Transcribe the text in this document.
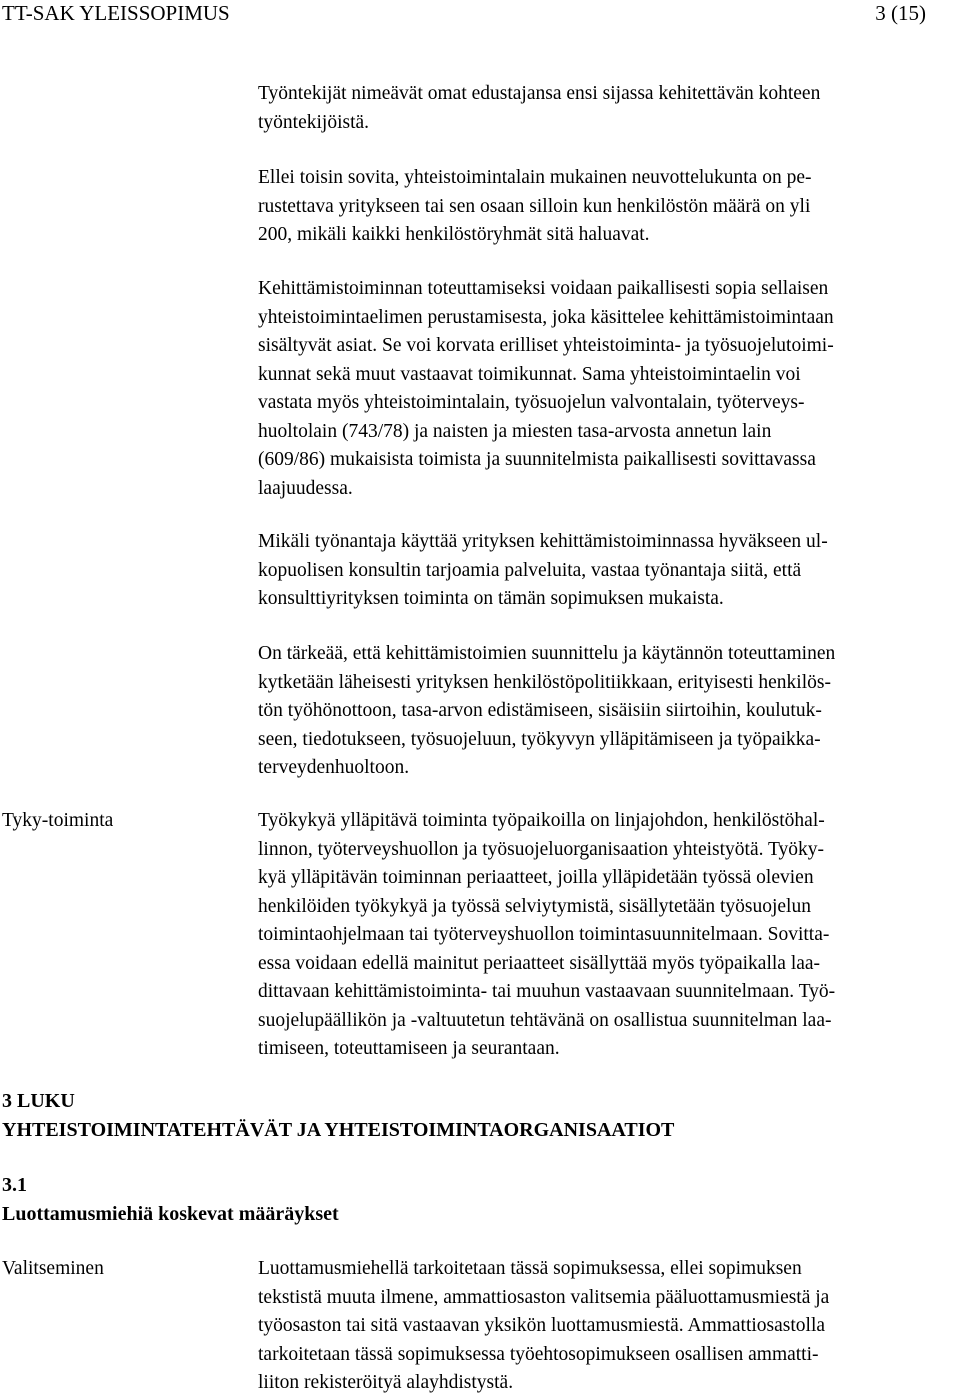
TT-SAK YLEISSOPIMUS	3 (15)
Työntekijät nimeävät omat edustajansa ensi sijassa kehitettävän kohteen
työntekijöistä.
Ellei toisin sovita, yhteistoimintalain mukainen neuvottelukunta on pe-
rustettava yritykseen tai sen osaan silloin kun henkilöstön määrä on yli
200, mikäli kaikki henkilöstöryhmät sitä haluavat.
Kehittämistoiminnan toteuttamiseksi voidaan paikallisesti sopia sellaisen
yhteistoimintaelimen perustamisesta, joka käsittelee kehittämistoimintaan
sisältyvät asiat. Se voi korvata erilliset yhteistoiminta- ja työsuojelutoimi-
kunnat sekä muut vastaavat toimikunnat. Sama yhteistoimintaelin voi
vastata myös yhteistoimintalain, työsuojelun valvontalain, työterveys-
huoltolain (743/78) ja naisten ja miesten tasa-arvosta annetun lain
(609/86) mukaisista toimista ja suunnitelmista paikallisesti sovittavassa
laajuudessa.
Mikäli työnantaja käyttää yrityksen kehittämistoiminnassa hyväkseen ul-
kopuolisen konsultin tarjoamia palveluita, vastaa työnantaja siitä, että
konsulttiyrityksen toiminta on tämän sopimuksen mukaista.
On tärkeää, että kehittämistoimien suunnittelu ja käytännön toteuttaminen
kytketään läheisesti yrityksen henkilöstöpolitiikkaan, erityisesti henkilös-
tön työhönottoon, tasa-arvon edistämiseen, sisäisiin siirtoihin, koulutuk-
seen, tiedotukseen, työsuojeluun, työkyvyn ylläpitämiseen ja työpaikka-
terveydenhuoltoon.
Tyky-toiminta	Työkykyä ylläpitävä toiminta työpaikoilla on linjajohdon, henkilöstöhal-
linnon, työterveyshuollon ja työsuojeluorganisaation yhteistyötä. Työky-
kyä ylläpitävän toiminnan periaatteet, joilla ylläpidetään työssä olevien
henkilöiden työkykyä ja työssä selviytymistä, sisällytetään työsuojelun
toimintaohjelmaan tai työterveyshuollon toimintasuunnitelmaan. Sovitta-
essa voidaan edellä mainitut periaatteet sisällyttää myös työpaikalla laa-
dittavaan kehittämistoiminta- tai muuhun vastaavaan suunnitelmaan. Työ-
suojelupäällikön ja -valtuutetun tehtävänä on osallistua suunnitelman laa-
timiseen, toteuttamiseen ja seurantaan.
3 LUKU
YHTEISTOIMINTATEHTÄVÄT JA YHTEISTOIMINTAORGANISAATIOT
3.1
Luottamusmiehiä koskevat määräykset
Valitseminen	Luottamusmiehellä tarkoitetaan tässä sopimuksessa, ellei sopimuksen
tekstistä muuta ilmene, ammattiosaston valitsemia pääluottamusmiestä ja
työosaston tai sitä vastaavan yksikön luottamusmiestä. Ammattiosastolla
tarkoitetaan tässä sopimuksessa työehtosopimukseen osallisen ammatti-
liiton rekisteröityä alayhdistystä.
